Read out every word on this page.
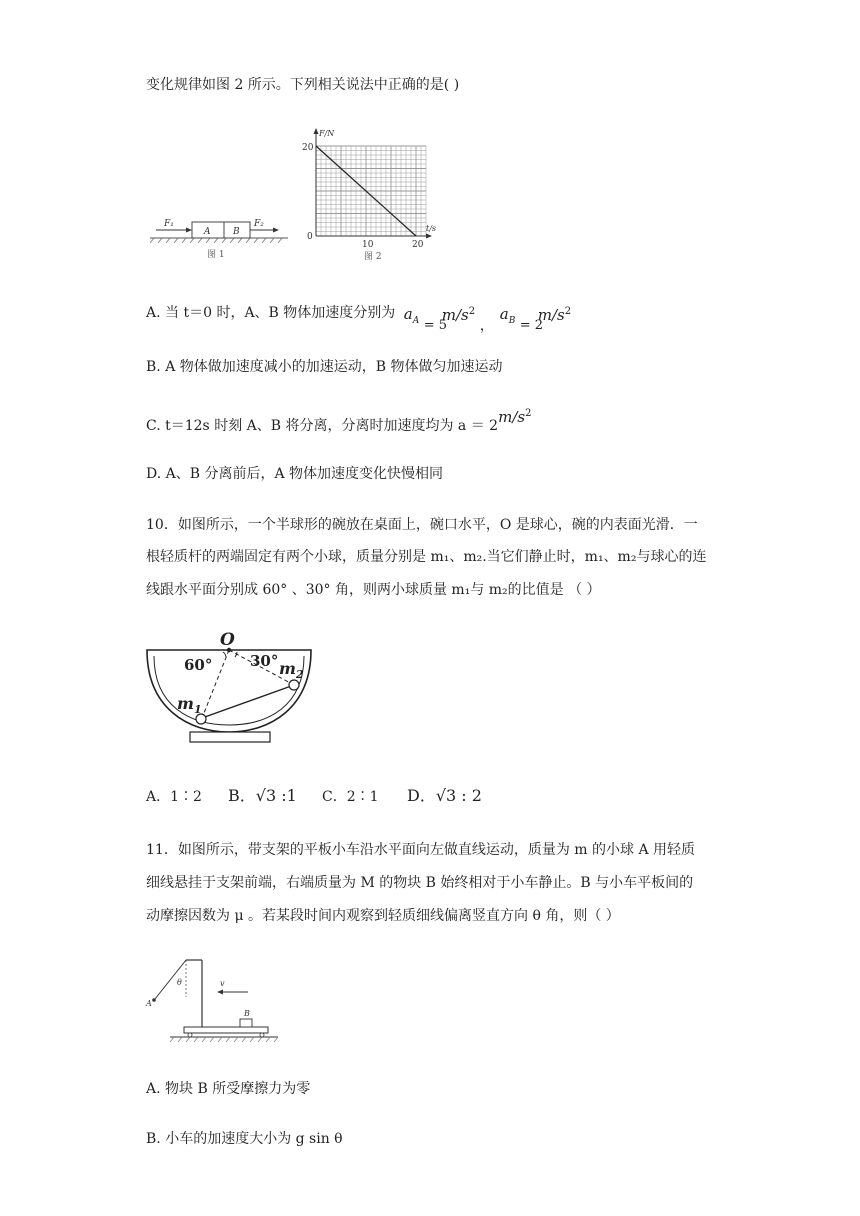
变化规律如图 2 所示。下列相关说法中正确的是( )
A	B
F₁	F₂
图 1
F/N
t/s
20
0
10	20
图 2
A. 当 t＝0 时，A、B 物体加速度分别为 $a_A = 5$
$m/s^2$
，
$a_B = 2$
$m/s^2$
B. A 物体做加速度减小的加速运动，B 物体做匀加速运动
C. t＝12s 时刻 A、B 将分离，分离时加速度均为 $a = 2m/s^2$
D. A、B 分离前后，A 物体加速度变化快慢相同
10．如图所示，一个半球形的碗放在桌面上，碗口水平，O 是球心，碗的内表面光滑．一
根轻质杆的两端固定有两个小球，质量分别是 m₁、m₂.当它们静止时，m₁、m₂与球心的连
线跟水平面分别成 60° 、30° 角，则两小球质量 m₁与 m₂的比值是 （ ）
O
60°	30° $m_2$
$m_1$
A．1∶2 B．√3 :1 C．2∶1 D．√3 : 2
11．如图所示，带支架的平板小车沿水平面向左做直线运动，质量为 m 的小球 A 用轻质
细线悬挂于支架前端，右端质量为 M 的物块 B 始终相对于小车静止。B 与小车平板间的
动摩擦因数为 μ 。若某段时间内观察到轻质细线偏离竖直方向 θ 角，则（ ）
A
θ
B
v
A. 物块 B 所受摩擦力为零
B. 小车的加速度大小为 g sin θ
